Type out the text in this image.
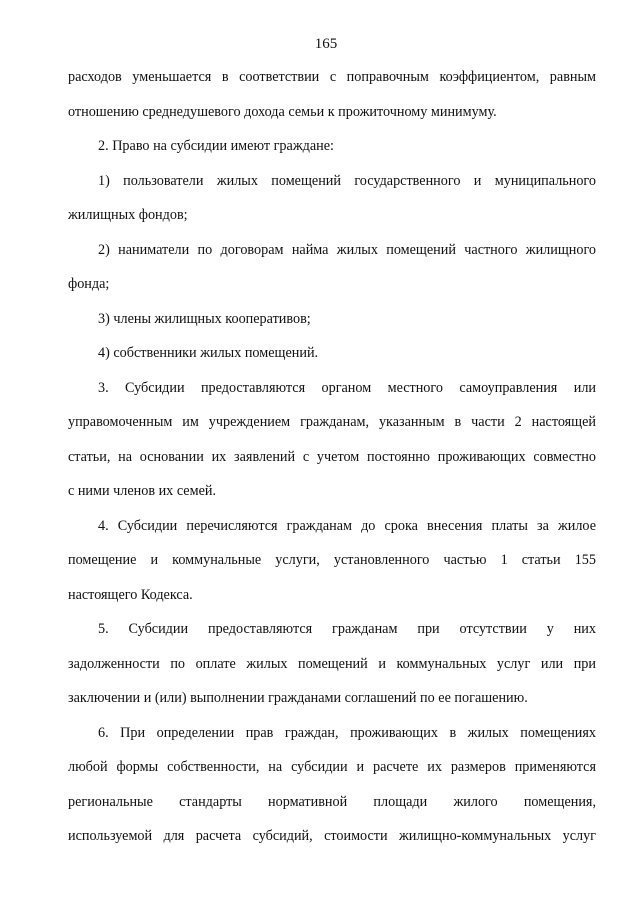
165
расходов уменьшается в соответствии с поправочным коэффициентом, равным
отношению среднедушевого дохода семьи к прожиточному минимуму.
2. Право на субсидии имеют граждане:
1) пользователи жилых помещений государственного и муниципального
жилищных фондов;
2) наниматели по договорам найма жилых помещений частного жилищного
фонда;
3) члены жилищных кооперативов;
4) собственники жилых помещений.
3. Субсидии предоставляются органом местного самоуправления или
управомоченным им учреждением гражданам, указанным в части 2 настоящей
статьи, на основании их заявлений с учетом постоянно проживающих совместно
с ними членов их семей.
4. Субсидии перечисляются гражданам до срока внесения платы за жилое
помещение и коммунальные услуги, установленного частью 1 статьи 155
настоящего Кодекса.
5. Субсидии предоставляются гражданам при отсутствии у них
задолженности по оплате жилых помещений и коммунальных услуг или при
заключении и (или) выполнении гражданами соглашений по ее погашению.
6. При определении прав граждан, проживающих в жилых помещениях
любой формы собственности, на субсидии и расчете их размеров применяются
региональные стандарты нормативной площади жилого помещения,
используемой для расчета субсидий, стоимости жилищно-коммунальных услуг
